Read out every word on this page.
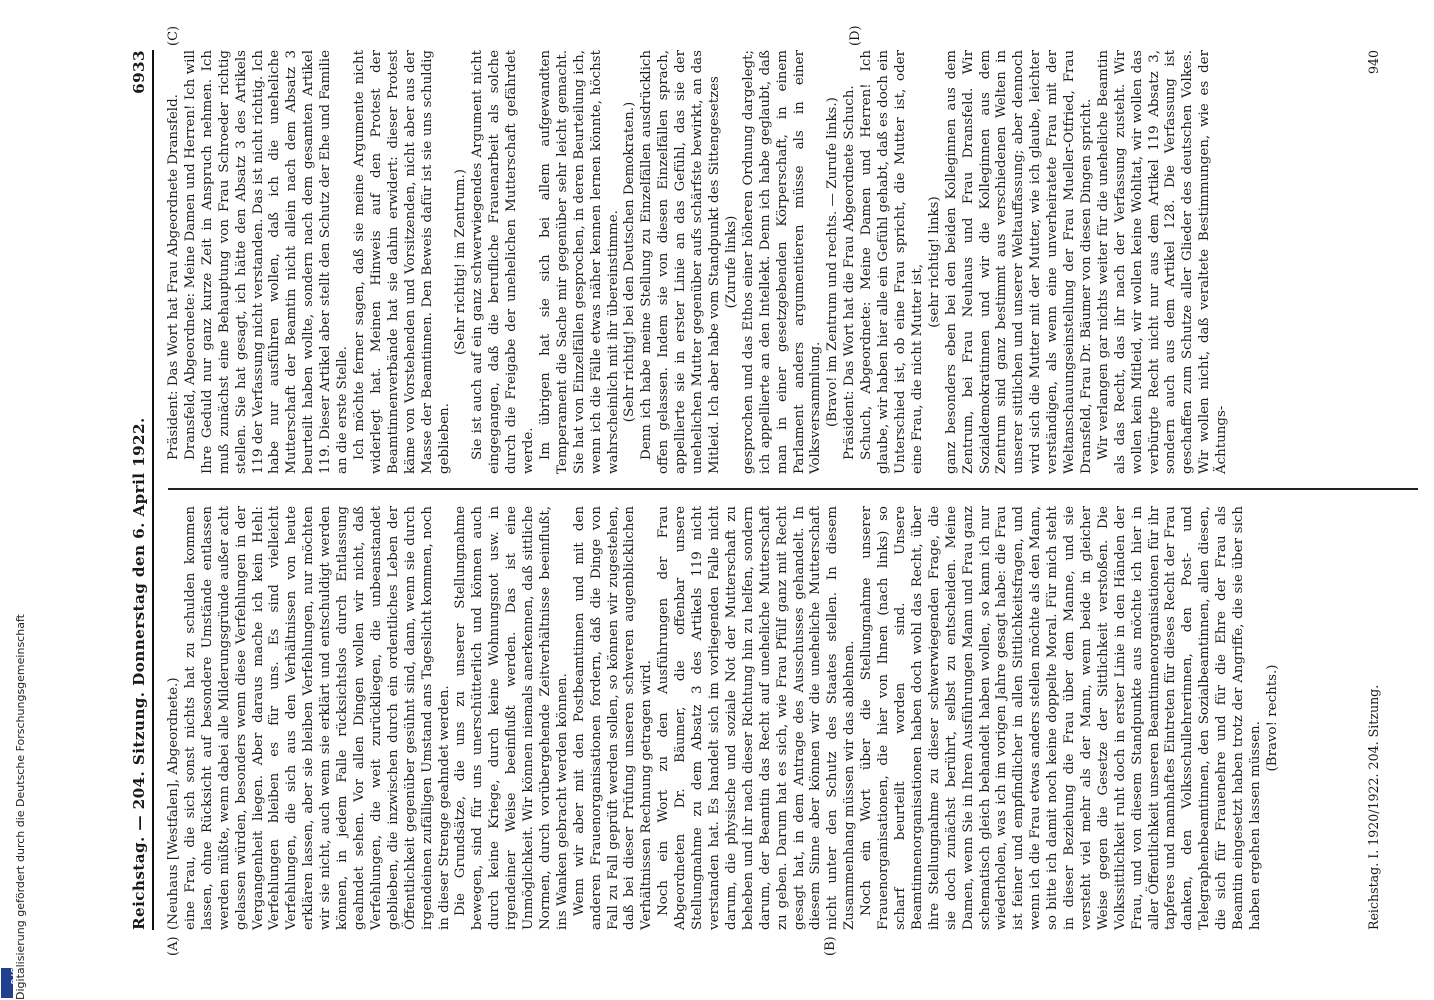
Digitalisierung gefördert durch die Deutsche Forschungsgemeinschaft
DFG
Reichstag. — 204. Sitzung. Donnerstag den 6. April 1922.
6933
(A)	(B)
(C)	(D)

(Neuhaus [Westfalen], Abgeordnete.) eine Frau, die sich sonst nichts hat zu schulden kommen lassen, ohne Rücksicht auf besondere Umstände entlassen werden müßte, wenn dabei alle Milderungsgründe außer acht gelassen würden, besonders wenn diese Verfehlungen in der Vergangenheit liegen. Aber daraus mache ich kein Hehl: Verfehlungen bleiben es für uns. Es sind vielleicht Verfehlungen, die sich aus den Verhältnissen von heute erklären lassen, aber sie bleiben Verfehlungen, nur möchten wir sie nicht, auch wenn sie erklärt und entschuldigt werden können, in jedem Falle rücksichtslos durch Entlassung geahndet sehen. Vor allen Dingen wollen wir nicht, daß Verfehlungen, die weit zurückliegen, die unbeanstandet geblieben, die inzwischen durch ein ordentliches Leben der Öffentlichkeit gegenüber gesühnt sind, dann, wenn sie durch irgendeinen zufälligen Umstand ans Tageslicht kommen, noch in dieser Strenge geahndet werden. Die Grundsätze, die uns zu unserer Stellungnahme bewegen, sind für uns unerschütterlich und können auch durch keine Kriege, durch keine Wohnungsnot usw. in irgendeiner Weise beeinflußt werden. Das ist eine Unmöglichkeit. Wir können niemals anerkennen, daß sittliche Normen, durch vorübergehende Zeitverhältnisse beeinflußt, ins Wanken gebracht werden können. Wenn wir aber mit den Postbeamtinnen und mit den anderen Frauenorganisationen fordern, daß die Dinge von Fall zu Fall geprüft werden sollen, so können wir zugestehen, daß bei dieser Prüfung unseren schweren augenblicklichen Verhältnissen Rechnung getragen wird. Noch ein Wort zu den Ausführungen der Frau Abgeordneten Dr. Bäumer, die offenbar unsere Stellungnahme zu dem Absatz 3 des Artikels 119 nicht verstanden hat. Es handelt sich im vorliegenden Falle nicht darum, die physische und soziale Not der Mutterschaft zu beheben und ihr nach dieser Richtung hin zu helfen, sondern darum, der Beamtin das Recht auf uneheliche Mutterschaft zu geben. Darum hat es sich, wie Frau Pfülf ganz mit Recht gesagt hat, in dem Antrage des Ausschusses gehandelt. In diesem Sinne aber können wir die uneheliche Mutterschaft nicht unter den Schutz des Staates stellen. In diesem Zusammenhang müssen wir das ablehnen. Noch ein Wort über die Stellungnahme unserer Frauenorganisationen, die hier von Ihnen (nach links) so scharf beurteilt worden sind. Unsere Beamtinnenorganisationen haben doch wohl das Recht, über ihre Stellungnahme zu dieser schwerwiegenden Frage, die sie doch zunächst berührt, selbst zu entscheiden. Meine Damen, wenn Sie in Ihren Ausführungen Mann und Frau ganz schematisch gleich behandelt haben wollen, so kann ich nur wiederholen, was ich im vorigen Jahre gesagt habe: die Frau ist feiner und empfindlicher in allen Sittlichkeitsfragen, und wenn ich die Frau etwas anders stellen möchte als den Mann, so bitte ich damit noch keine doppelte Moral. Für mich steht in dieser Beziehung die Frau über dem Manne, und sie versteht viel mehr als der Mann, wenn beide in gleicher Weise gegen die Gesetze der Sittlichkeit verstoßen. Die Volkssittlichkeit ruht doch in erster Linie in den Händen der Frau, und von diesem Standpunkte aus möchte ich hier in aller Öffentlichkeit unseren Beamtinnenorganisationen für ihr tapferes und mannhaftes Eintreten für dieses Recht der Frau danken, den Volksschullehrerinnen, den Post- und Telegraphenbeamtinnen, den Sozialbeamtinnen, allen diesen, die sich für Frauenehre und für die Ehre der Frau als Beamtin eingesetzt haben trotz der Angriffe, die sie über sich haben ergehen lassen müssen.

(Bravo! rechts.)

Präsident: Das Wort hat Frau Abgeordnete Dransfeld. Dransfeld, Abgeordnete: Meine Damen und Herren! Ich will Ihre Geduld nur ganz kurze Zeit in Anspruch nehmen. Ich muß zunächst eine Behauptung von Frau Schroeder richtig stellen. Sie hat gesagt, ich hätte den Absatz 3 des Artikels 119 der Verfassung nicht verstanden. Das ist nicht richtig. Ich habe nur ausführen wollen, daß ich die uneheliche Mutterschaft der Beamtin nicht allein nach dem Absatz 3 beurteilt haben wollte, sondern nach dem gesamten Artikel 119. Dieser Artikel aber stellt den Schutz der Ehe und Familie an die erste Stelle. Ich möchte ferner sagen, daß sie meine Argumente nicht widerlegt hat. Meinen Hinweis auf den Protest der Beamtinnenverbände hat sie dahin erwidert: dieser Protest käme von Vorstehenden und Vorsitzenden, nicht aber aus der Masse der Beamtinnen. Den Beweis dafür ist sie uns schuldig geblieben.

(Sehr richtig! im Zentrum.) Sie ist auch auf ein ganz schwerwiegendes Argument nicht eingegangen, daß die berufliche Frauenarbeit als solche durch die Freigabe der unehelichen Mutterschaft gefährdet werde. Im übrigen hat sie sich bei allem aufgewandten Temperament die Sache mir gegenüber sehr leicht gemacht. Sie hat von Einzelfällen gesprochen, in deren Beurteilung ich, wenn ich die Fälle etwas näher kennen lernen könnte, höchst wahrscheinlich mit ihr übereinstimme. (Sehr richtig! bei den Deutschen Demokraten.) Denn ich habe meine Stellung zu Einzelfällen ausdrücklich offen gelassen. Indem sie von diesen Einzelfällen sprach, appellierte sie in erster Linie an das Gefühl, das sie der unehelichen Mutter gegenüber aufs schärfste bewirkt, an das Mitleid. Ich aber habe vom Standpunkt des Sittengesetzes (Zurufe links) gesprochen und das Ethos einer höheren Ordnung dargelegt; ich appellierte an den Intellekt. Denn ich habe geglaubt, daß man in einer gesetzgebenden Körperschaft, in einem Parlament anders argumentieren müsse als in einer Volksversammlung. (Bravo! im Zentrum und rechts. — Zurufe links.) Präsident: Das Wort hat die Frau Abgeordnete Schuch. Schuch, Abgeordnete: Meine Damen und Herren! Ich glaube, wir haben hier alle ein Gefühl gehabt, daß es doch ein Unterschied ist, ob eine Frau spricht, die Mutter ist, oder eine Frau, die nicht Mutter ist,

(sehr richtig! links) ganz besonders eben bei den beiden Kolleginnen aus dem Zentrum, bei Frau Neuhaus und Frau Dransfeld. Wir Sozialdemokratinnen und wir die Kolleginnen aus dem Zentrum sind ganz bestimmt aus verschiedenen Welten in unserer sittlichen und unserer Weltauffassung; aber dennoch wird sich die Mutter mit der Mutter, wie ich glaube, leichter verständigen, als wenn eine unverheiratete Frau mit der Weltanschauungseinstellung der Frau Mueller-Otfried, Frau Dransfeld, Frau Dr. Bäumer von diesen Dingen spricht. Wir verlangen gar nichts weiter für die uneheliche Beamtin als das Recht, das ihr nach der Verfassung zusteht. Wir wollen kein Mitleid, wir wollen keine Wohltat, wir wollen das verbürgte Recht nicht nur aus dem Artikel 119 Absatz 3, sondern auch aus dem Artikel 128. Die Verfassung ist geschaffen zum Schutze aller Glieder des deutschen Volkes. Wir wollen nicht, daß veraltete Bestimmungen, wie es der Ächtungs-

Reichstag. I. 1920/1922. 204. Sitzung.
940
